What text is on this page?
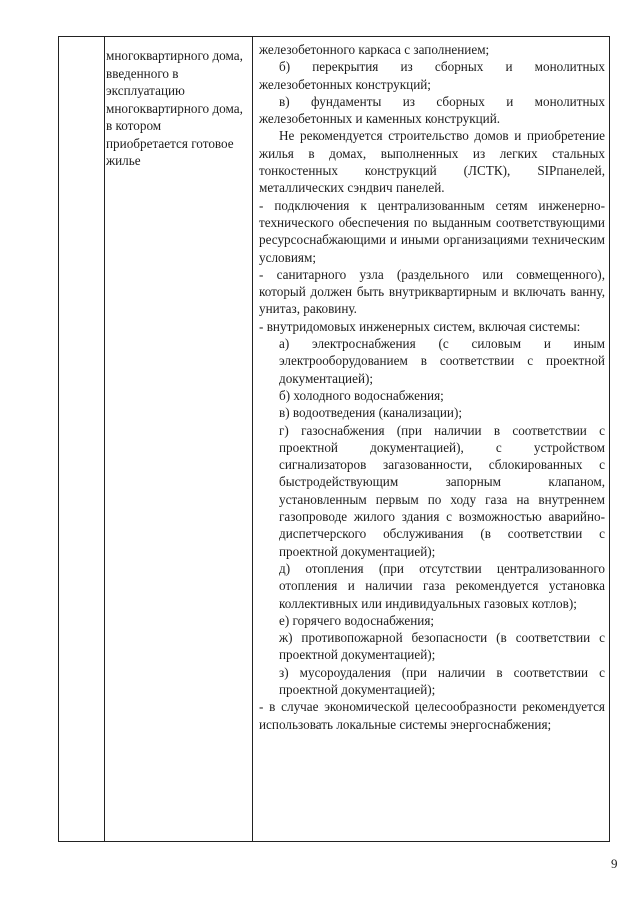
многоквартирного дома, введенного в эксплуатацию многоквартирного дома, в котором приобретается готовое жилье

железобетонного каркаса с заполнением;

б) перекрытия из сборных и монолитных железобетонных конструкций;

в) фундаменты из сборных и монолитных железобетонных и каменных конструкций.

Не рекомендуется строительство домов и приобретение жилья в домах, выполненных из легких стальных тонкостенных конструкций (ЛСТК), SIPпанелей, металлических сэндвич панелей.

- подключения к централизованным сетям инженерно-технического обеспечения по выданным соответствующими ресурсоснабжающими и иными организациями техническим условиям;

- санитарного узла (раздельного или совмещенного), который должен быть внутриквартирным и включать ванну, унитаз, раковину.

- внутридомовых инженерных систем, включая системы:

а) электроснабжения (с силовым и иным электрооборудованием в соответствии с проектной документацией);

б) холодного водоснабжения;

в) водоотведения (канализации);

г) газоснабжения (при наличии в соответствии с проектной документацией), с устройством сигнализаторов загазованности, сблокированных с быстродействующим запорным клапаном, установленным первым по ходу газа на внутреннем газопроводе жилого здания с возможностью аварийно-диспетчерского обслуживания (в соответствии с проектной документацией);

д) отопления (при отсутствии централизованного отопления и наличии газа рекомендуется установка коллективных или индивидуальных газовых котлов);

е) горячего водоснабжения;

ж) противопожарной безопасности (в соответствии с проектной документацией);

з) мусороудаления (при наличии в соответствии с проектной документацией);

- в случае экономической целесообразности рекомендуется использовать локальные системы энергоснабжения;

9
